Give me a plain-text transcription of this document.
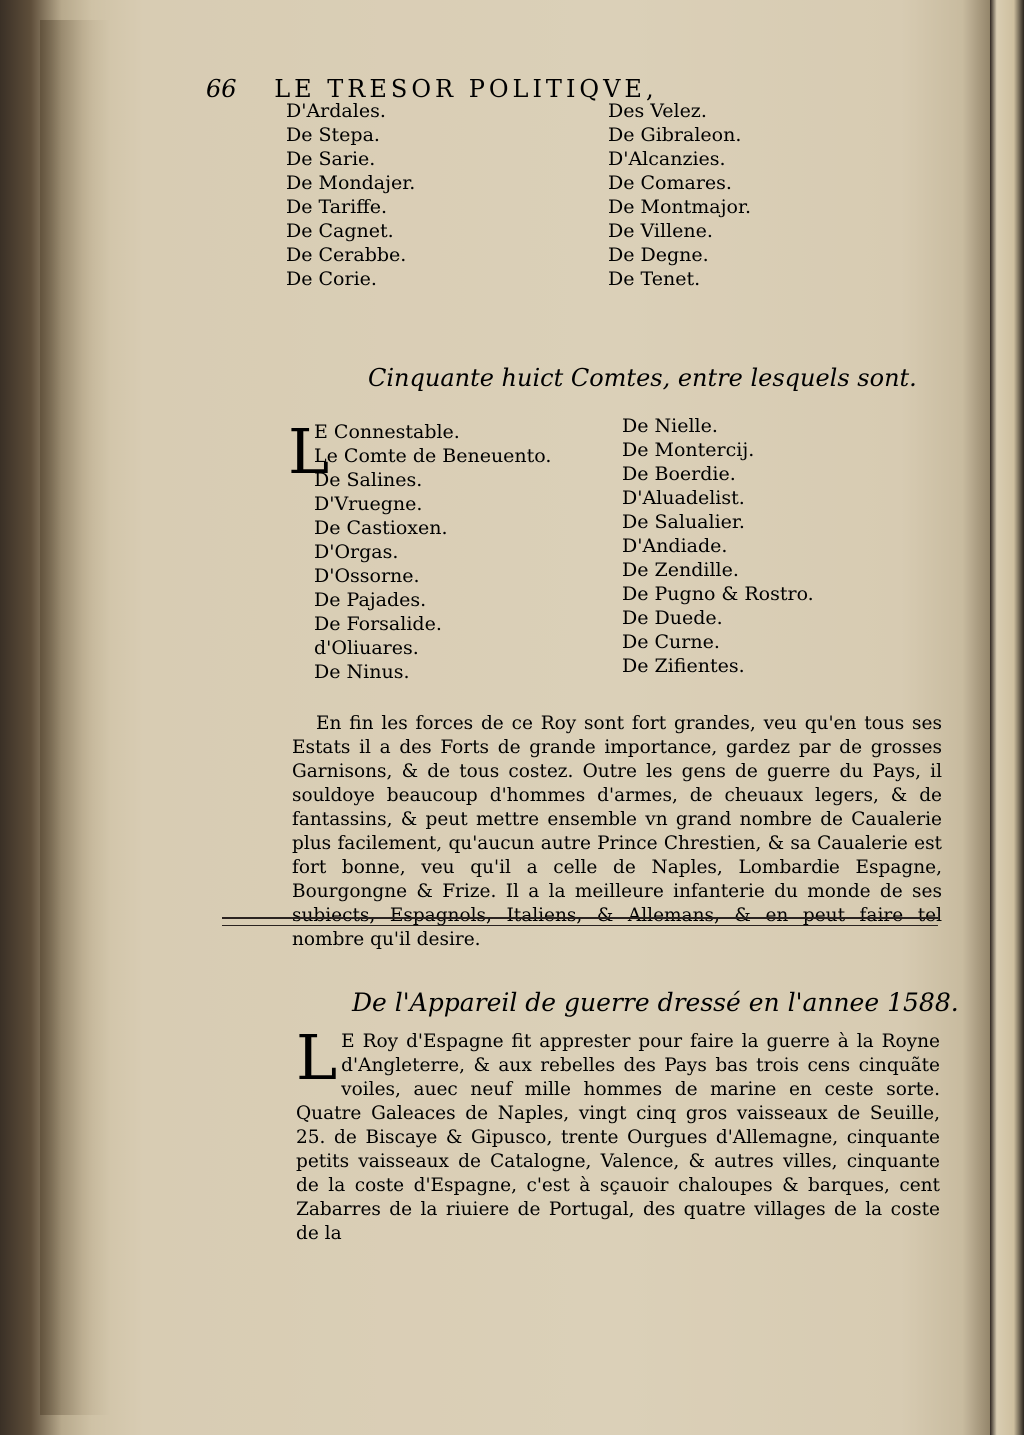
66 LE TRESOR POLITIQVE,
D'Ardales.
De Stepa.
De Sarie.
De Mondajer.
De Tariffe.
De Cagnet.
De Cerabbe.
De Corie.
Des Velez.
De Gibraleon.
D'Alcanzies.
De Comares.
De Montmajor.
De Villene.
De Degne.
De Tenet.
Cinquante huict Comtes, entre lesquels sont.
L
E Connestable.
Le Comte de Beneuento.
De Salines.
D'Vruegne.
De Castioxen.
D'Orgas.
D'Ossorne.
De Pajades.
De Forsalide.
d'Oliuares.
De Ninus.
De Nielle.
De Montercij.
De Boerdie.
D'Aluadelist.
De Salualier.
D'Andiade.
De Zendille.
De Pugno & Rostro.
De Duede.
De Curne.
De Zifientes.
En fin les forces de ce Roy sont fort grandes, veu qu'en tous ses Estats il a des Forts de grande importance, gardez par de grosses Garnisons, & de tous costez. Outre les gens de guerre du Pays, il souldoye beaucoup d'hommes d'armes, de cheuaux legers, & de fantassins, & peut mettre ensemble vn grand nombre de Caualerie plus facilement, qu'aucun autre Prince Chrestien, & sa Caualerie est fort bonne, veu qu'il a celle de Naples, Lombardie Espagne, Bourgongne & Frize. Il a la meilleure infanterie du monde de ses subiects, Espagnols, Italiens, & Allemans, & en peut faire tel nombre qu'il desire.
De l'Appareil de guerre dressé en l'annee 1588.
L E Roy d'Espagne fit apprester pour faire la guerre à la Royne d'Angleterre, & aux rebelles des Pays bas trois cens cinquãte voiles, auec neuf mille hommes de marine en ceste sorte. Quatre Galeaces de Naples, vingt cinq gros vaisseaux de Seuille, 25. de Biscaye & Gipusco, trente Ourgues d'Allemagne, cinquante petits vaisseaux de Catalogne, Valence, & autres villes, cinquante de la coste d'Espagne, c'est à sçauoir chaloupes & barques, cent Zabarres de la riuiere de Portugal, des quatre villages de la coste de la
